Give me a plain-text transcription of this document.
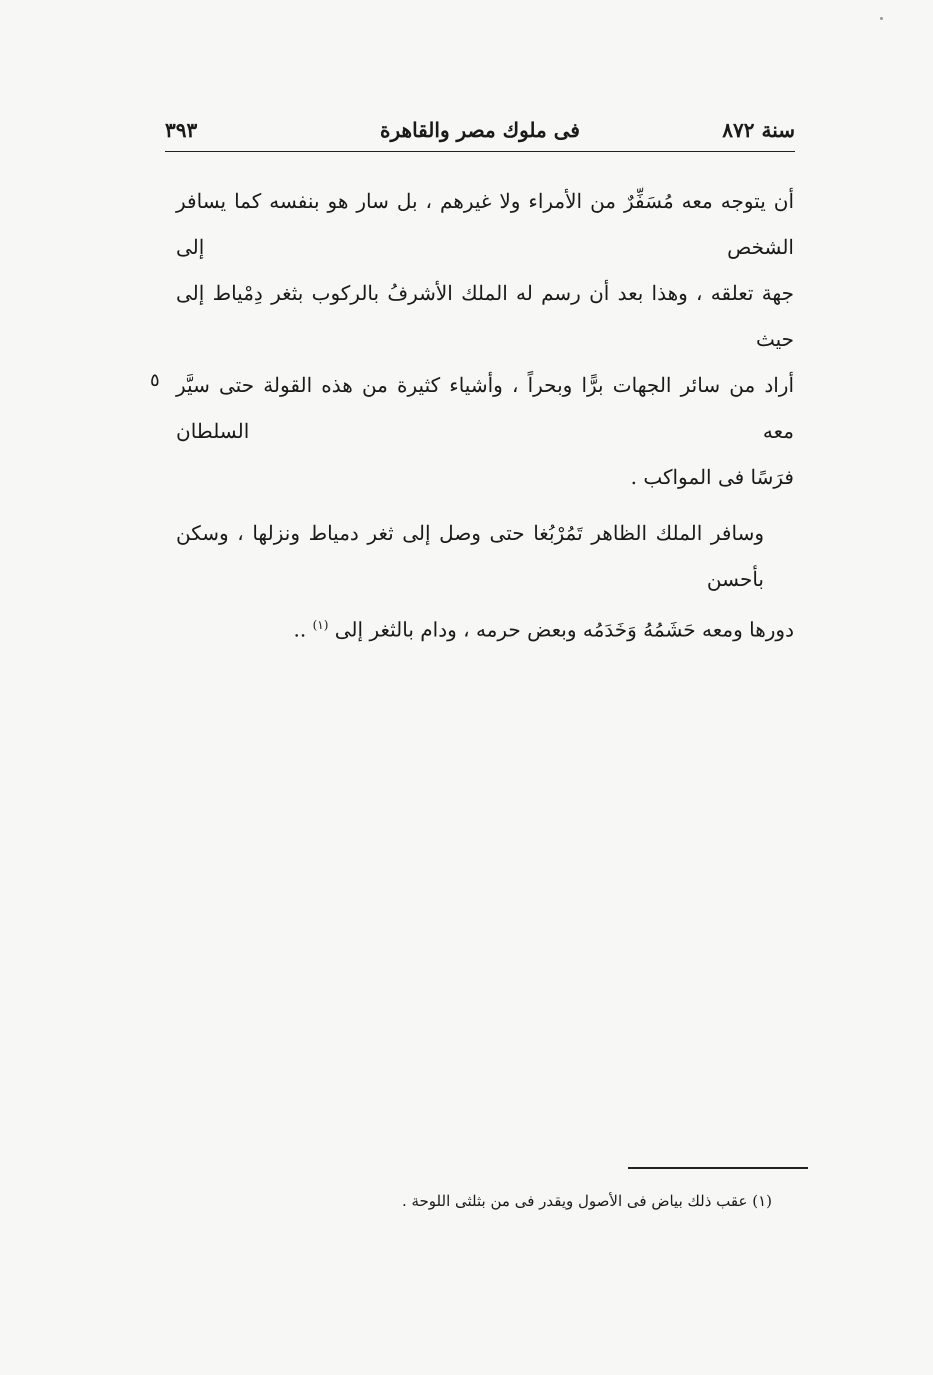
سنة ٨٧٢
فى ملوك مصر والقاهرة
٣٩٣
٥

أن يتوجه معه مُسَفِّرٌ من الأمراء ولا غيرهم ، بل سار هو بنفسه كما يسافر الشخص إلى
جهة تعلقه ، وهذا بعد أن رسم له الملك الأشرفُ بالركوب بثغر دِمْياط إلى حيث
أراد من سائر الجهات برًّا وبحراً ، وأشياء كثيرة من هذه القولة حتى سيَّر معه السلطان
فرَسًا فى المواكب .

وسافر الملك الظاهر تَمُرْبُغا حتى وصل إلى ثغر دمياط ونزلها ، وسكن بأحسن
دورها ومعه حَشَمُهُ وَخَدَمُه وبعض حرمه ، ودام بالثغر إلى $^{(١)}$ ..

(١) عقب ذلك بياض فى الأصول ويقدر فى من بثلثى اللوحة .
